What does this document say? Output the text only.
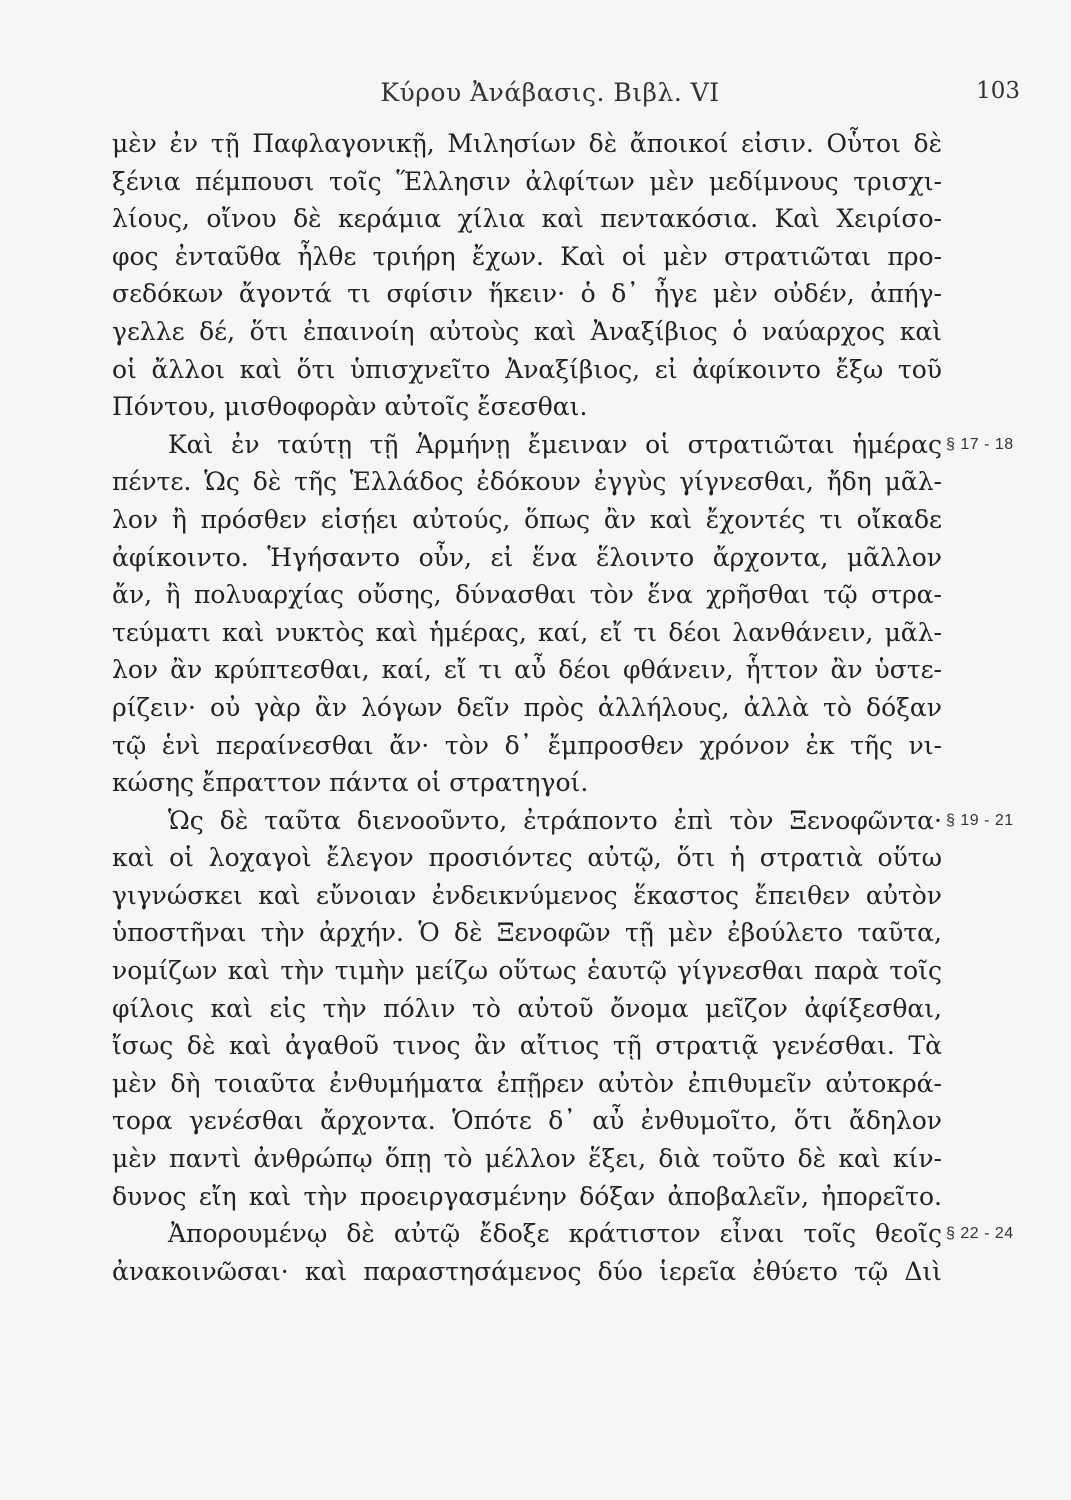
Κύρου Ἀνάβασις. Βιβλ. VI	103
μὲν ἐν τῇ Παφλαγονικῇ, Μιλησίων δὲ ἄποικοί εἰσιν. Οὗτοι δὲ
ξένια πέμπουσι τοῖς Ἕλλησιν ἀλφίτων μὲν μεδίμνους τρισχι-
λίους, οἴνου δὲ κεράμια χίλια καὶ πεντακόσια. Καὶ Χειρίσο-
φος ἐνταῦθα ἦλθε τριήρη ἔχων. Καὶ οἱ μὲν στρατιῶται προ-
σεδόκων ἄγοντά τι σφίσιν ἥκειν· ὁ δ᾽ ἦγε μὲν οὐδέν, ἀπήγ-
γελλε δέ, ὅτι ἐπαινοίη αὐτοὺς καὶ Ἀναξίβιος ὁ ναύαρχος καὶ
οἱ ἄλλοι καὶ ὅτι ὑπισχνεῖτο Ἀναξίβιος, εἰ ἀφίκοιντο ἔξω τοῦ
Πόντου, μισθοφορὰν αὐτοῖς ἔσεσθαι.
Καὶ ἐν ταύτῃ τῇ Ἁρμήνῃ ἔμειναν οἱ στρατιῶται ἡμέρας § 17 - 18
πέντε. Ὡς δὲ τῆς Ἑλλάδος ἐδόκουν ἐγγὺς γίγνεσθαι, ἤδη μᾶλ-
λον ἢ πρόσθεν εἰσῄει αὐτούς, ὅπως ἂν καὶ ἔχοντές τι οἴκαδε
ἀφίκοιντο. Ἡγήσαντο οὖν, εἰ ἕνα ἕλοιντο ἄρχοντα, μᾶλλον
ἄν, ἢ πολυαρχίας οὔσης, δύνασθαι τὸν ἕνα χρῆσθαι τῷ στρα-
τεύματι καὶ νυκτὸς καὶ ἡμέρας, καί, εἴ τι δέοι λανθάνειν, μᾶλ-
λον ἂν κρύπτεσθαι, καί, εἴ τι αὖ δέοι φθάνειν, ἧττον ἂν ὑστε-
ρίζειν· οὐ γὰρ ἂν λόγων δεῖν πρὸς ἀλλήλους, ἀλλὰ τὸ δόξαν
τῷ ἑνὶ περαίνεσθαι ἄν· τὸν δ᾽ ἔμπροσθεν χρόνον ἐκ τῆς νι-
κώσης ἔπραττον πάντα οἱ στρατηγοί.
Ὡς δὲ ταῦτα διενοοῦντο, ἐτράποντο ἐπὶ τὸν Ξενοφῶντα· § 19 - 21
καὶ οἱ λοχαγοὶ ἔλεγον προσιόντες αὐτῷ, ὅτι ἡ στρατιὰ οὕτω
γιγνώσκει καὶ εὔνοιαν ἐνδεικνύμενος ἕκαστος ἔπειθεν αὐτὸν
ὑποστῆναι τὴν ἀρχήν. Ὁ δὲ Ξενοφῶν τῇ μὲν ἐβούλετο ταῦτα,
νομίζων καὶ τὴν τιμὴν μείζω οὕτως ἑαυτῷ γίγνεσθαι παρὰ τοῖς
φίλοις καὶ εἰς τὴν πόλιν τὸ αὐτοῦ ὄνομα μεῖζον ἀφίξεσθαι,
ἴσως δὲ καὶ ἀγαθοῦ τινος ἂν αἴτιος τῇ στρατιᾷ γενέσθαι. Τὰ
μὲν δὴ τοιαῦτα ἐνθυμήματα ἐπῇρεν αὐτὸν ἐπιθυμεῖν αὐτοκρά-
τορα γενέσθαι ἄρχοντα. Ὁπότε δ᾽ αὖ ἐνθυμοῖτο, ὅτι ἄδηλον
μὲν παντὶ ἀνθρώπῳ ὅπῃ τὸ μέλλον ἕξει, διὰ τοῦτο δὲ καὶ κίν-
δυνος εἴη καὶ τὴν προειργασμένην δόξαν ἀποβαλεῖν, ἠπορεῖτο.
Ἀπορουμένῳ δὲ αὐτῷ ἔδοξε κράτιστον εἶναι τοῖς θεοῖς § 22 - 24
ἀνακοινῶσαι· καὶ παραστησάμενος δύο ἱερεῖα ἐθύετο τῷ Διὶ
